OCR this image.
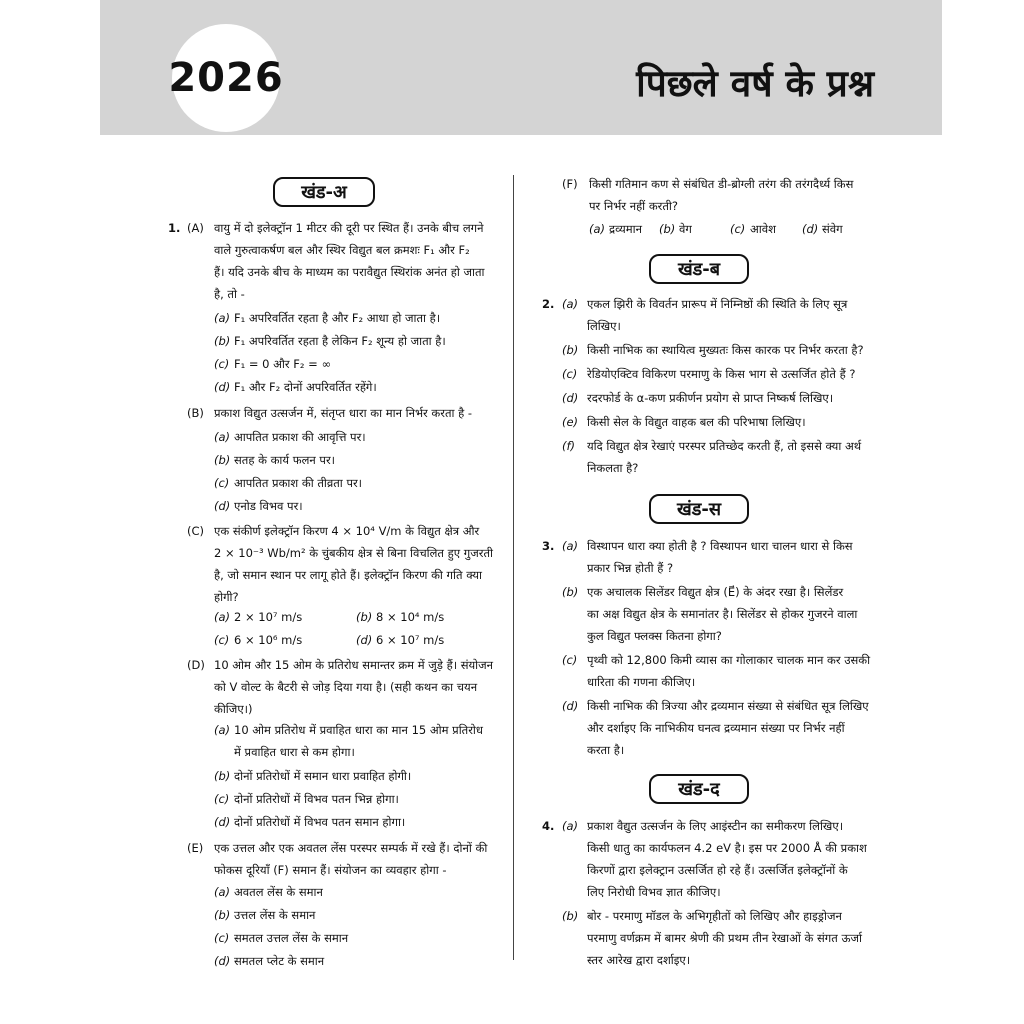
2026	पिछले वर्ष के प्रश्न
खंड-अ
खंड-ब
खंड-स
खंड-द
1. (A) वायु में दो इलेक्ट्रॉन 1 मीटर की दूरी पर स्थित हैं। उनके बीच लगने
वाले गुरुत्वाकर्षण बल और स्थिर विद्युत बल क्रमशः F₁ और F₂
हैं। यदि उनके बीच के माध्यम का परावैद्युत स्थिरांक अनंत हो जाता
है, तो -
(a) F₁ अपरिवर्तित रहता है और F₂ आधा हो जाता है।
(b) F₁ अपरिवर्तित रहता है लेकिन F₂ शून्य हो जाता है।
(c) F₁ = 0 और F₂ = ∞
(d) F₁ और F₂ दोनों अपरिवर्तित रहेंगे।
(B) प्रकाश विद्युत उत्सर्जन में, संतृप्त धारा का मान निर्भर करता है -
(a) आपतित प्रकाश की आवृत्ति पर।
(b) सतह के कार्य फलन पर।
(c) आपतित प्रकाश की तीव्रता पर।
(d) एनोड विभव पर।
(C) एक संकीर्ण इलेक्ट्रॉन किरण 4 × 10⁴ V/m के विद्युत क्षेत्र और
2 × 10⁻³ Wb/m² के चुंबकीय क्षेत्र से बिना विचलित हुए गुजरती
है, जो समान स्थान पर लागू होते हैं। इलेक्ट्रॉन किरण की गति क्या
होगी?
(a) 2 × 10⁷ m/s	(b) 8 × 10⁴ m/s
(c) 6 × 10⁶ m/s	(d) 6 × 10⁷ m/s
(D) 10 ओम और 15 ओम के प्रतिरोध समान्तर क्रम में जुड़े हैं। संयोजन
को V वोल्ट के बैटरी से जोड़ दिया गया है। (सही कथन का चयन
कीजिए।)
(a) 10 ओम प्रतिरोध में प्रवाहित धारा का मान 15 ओम प्रतिरोध
में प्रवाहित धारा से कम होगा।
(b) दोनों प्रतिरोधों में समान धारा प्रवाहित होगी।
(c) दोनों प्रतिरोधों में विभव पतन भिन्न होगा।
(d) दोनों प्रतिरोधों में विभव पतन समान होगा।
(E) एक उत्तल और एक अवतल लेंस परस्पर सम्पर्क में रखे हैं। दोनों की
फोकस दूरियाँ (F) समान हैं। संयोजन का व्यवहार होगा -
(a) अवतल लेंस के समान
(b) उत्तल लेंस के समान
(c) समतल उत्तल लेंस के समान
(d) समतल प्लेट के समान
(F) किसी गतिमान कण से संबंधित डी-ब्रोग्ली तरंग की तरंगदैर्ध्य किस
पर निर्भर नहीं करती?
(a) द्रव्यमान (b) वेग	(c) आवेश (d) संवेग
2. (a) एकल झिरी के विवर्तन प्रारूप में निम्निष्ठों की स्थिति के लिए सूत्र
लिखिए।
(b) किसी नाभिक का स्थायित्व मुख्यतः किस कारक पर निर्भर करता है?
(c) रेडियोएक्टिव विकिरण परमाणु के किस भाग से उत्सर्जित होते हैं ?
(d) रदरफोर्ड के α-कण प्रकीर्णन प्रयोग से प्राप्त निष्कर्ष लिखिए।
(e) किसी सेल के विद्युत वाहक बल की परिभाषा लिखिए।
(f) यदि विद्युत क्षेत्र रेखाएं परस्पर प्रतिच्छेद करती हैं, तो इससे क्या अर्थ
निकलता है?
3. (a) विस्थापन धारा क्या होती है ? विस्थापन धारा चालन धारा से किस
प्रकार भिन्न होती हैं ?
(b) एक अचालक सिलेंडर विद्युत क्षेत्र (E⃗) के अंदर रखा है। सिलेंडर
का अक्ष विद्युत क्षेत्र के समानांतर है। सिलेंडर से होकर गुजरने वाला
कुल विद्युत फ्लक्स कितना होगा?
(c) पृथ्वी को 12,800 किमी व्यास का गोलाकार चालक मान कर उसकी
धारिता की गणना कीजिए।
(d) किसी नाभिक की त्रिज्या और द्रव्यमान संख्या से संबंधित सूत्र लिखिए
और दर्शाइए कि नाभिकीय घनत्व द्रव्यमान संख्या पर निर्भर नहीं
करता है।
4. (a) प्रकाश वैद्युत उत्सर्जन के लिए आइंस्टीन का समीकरण लिखिए।
किसी धातु का कार्यफलन 4.2 eV है। इस पर 2000 Å की प्रकाश
किरणों द्वारा इलेक्ट्रान उत्सर्जित हो रहे हैं। उत्सर्जित इलेक्ट्रॉनों के
लिए निरोधी विभव ज्ञात कीजिए।
(b) बोर - परमाणु मॉडल के अभिगृहीतों को लिखिए और हाइड्रोजन
परमाणु वर्णक्रम में बामर श्रेणी की प्रथम तीन रेखाओं के संगत ऊर्जा
स्तर आरेख द्वारा दर्शाइए।
